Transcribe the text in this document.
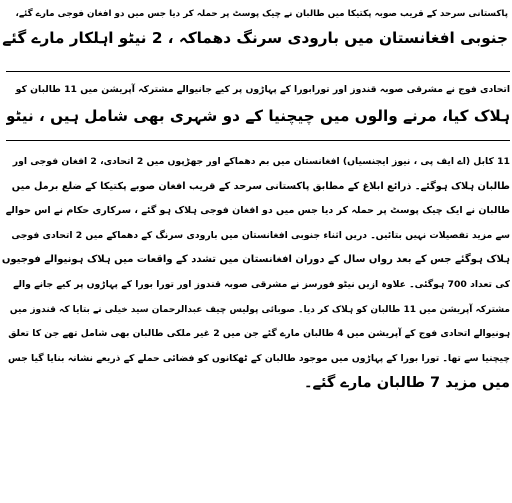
پاکستانی سرحد کے قریب صوبہ پکتیکا میں طالبان نے چیک پوسٹ پر حملہ کر دیا جس میں دو افغان فوجی مارے گئے،
جنوبی افغانستان میں بارودی سرنگ دھماکہ ، 2 نیٹو اہلکار مارے گئے
اتحادی فوج نے مشرقی صوبہ قندوز اور تورابورا کے پہاڑوں پر کیے جانیوالے مشترکہ آپریشن میں 11 طالبان کو
ہلاک کیا، مرنے والوں میں چیچنیا کے دو شہری بھی شامل ہیں ، نیٹو
11 کابل (اے ایف پی ، نیوز ایجنسیاں) افغانستان میں بم دھماکے اور جھڑپوں میں 2 اتحادی، 2 افغان فوجی اور
طالبان ہلاک ہوگئے۔ ذرائع ابلاغ کے مطابق پاکستانی سرحد کے قریب افغان صوبے پکتیکا کے ضلع برمل میں
طالبان نے ایک چیک پوسٹ پر حملہ کر دیا جس میں دو افغان فوجی ہلاک ہو گئے ، سرکاری حکام نے اس حوالے
سے مزید تفصیلات نہیں بتائیں۔ دریں اثناء جنوبی افغانستان میں بارودی سرنگ کے دھماکے میں 2 اتحادی فوجی
ہلاک ہوگئے جس کے بعد رواں سال کے دوران افغانستان میں تشدد کے واقعات میں ہلاک ہونیوالے فوجیوں
کی تعداد 700 ہوگئی۔ علاوہ ازیں نیٹو فورسز نے مشرقی صوبہ قندوز اور تورا بورا کے پہاڑوں پر کیے جانے والے
مشترکہ آپریشن میں 11 طالبان کو ہلاک کر دیا۔ صوبائی پولیس چیف عبدالرحمان سید خیلی نے بتایا کہ قندوز میں
ہونیوالے اتحادی فوج کے آپریشن میں 4 طالبان مارے گئے جن میں 2 غیر ملکی طالبان بھی شامل تھے جن کا تعلق
چیچنیا سے تھا۔ تورا بورا کے پہاڑوں میں موجود طالبان کے ٹھکانوں کو فضائی حملے کے ذریعے نشانہ بنایا گیا جس
میں مزید 7 طالبان مارے گئے۔
